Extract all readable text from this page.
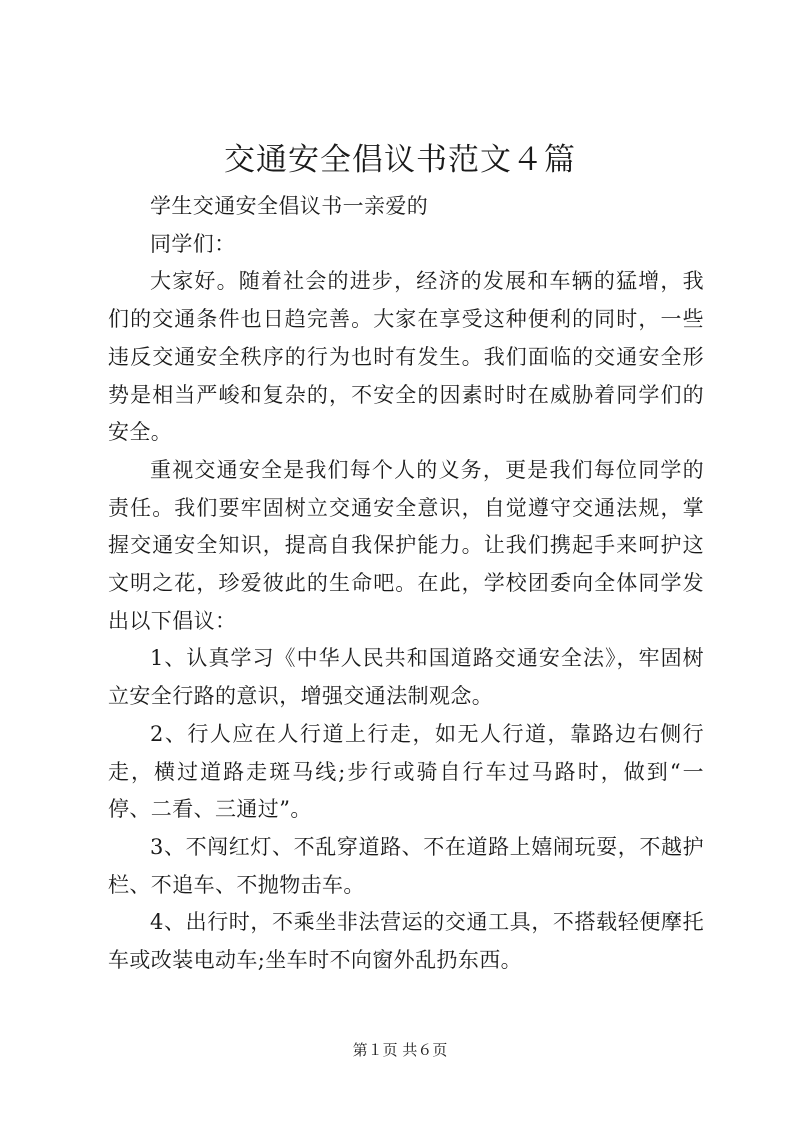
交通安全倡议书范文４篇

学生交通安全倡议书一亲爱的

同学们：

大家好。随着社会的进步，经济的发展和车辆的猛增，我们的交通条件也日趋完善。大家在享受这种便利的同时，一些违反交通安全秩序的行为也时有发生。我们面临的交通安全形势是相当严峻和复杂的，不安全的因素时时在威胁着同学们的安全。

重视交通安全是我们每个人的义务，更是我们每位同学的责任。我们要牢固树立交通安全意识，自觉遵守交通法规，掌握交通安全知识，提高自我保护能力。让我们携起手来呵护这文明之花，珍爱彼此的生命吧。在此，学校团委向全体同学发出以下倡议：

1、认真学习《中华人民共和国道路交通安全法》，牢固树立安全行路的意识，增强交通法制观念。

2、行人应在人行道上行走，如无人行道，靠路边右侧行走，横过道路走斑马线;步行或骑自行车过马路时，做到“一停、二看、三通过”。

3、不闯红灯、不乱穿道路、不在道路上嬉闹玩耍，不越护栏、不追车、不抛物击车。

4、出行时，不乘坐非法营运的交通工具，不搭载轻便摩托车或改装电动车;坐车时不向窗外乱扔东西。

第１页 共６页
